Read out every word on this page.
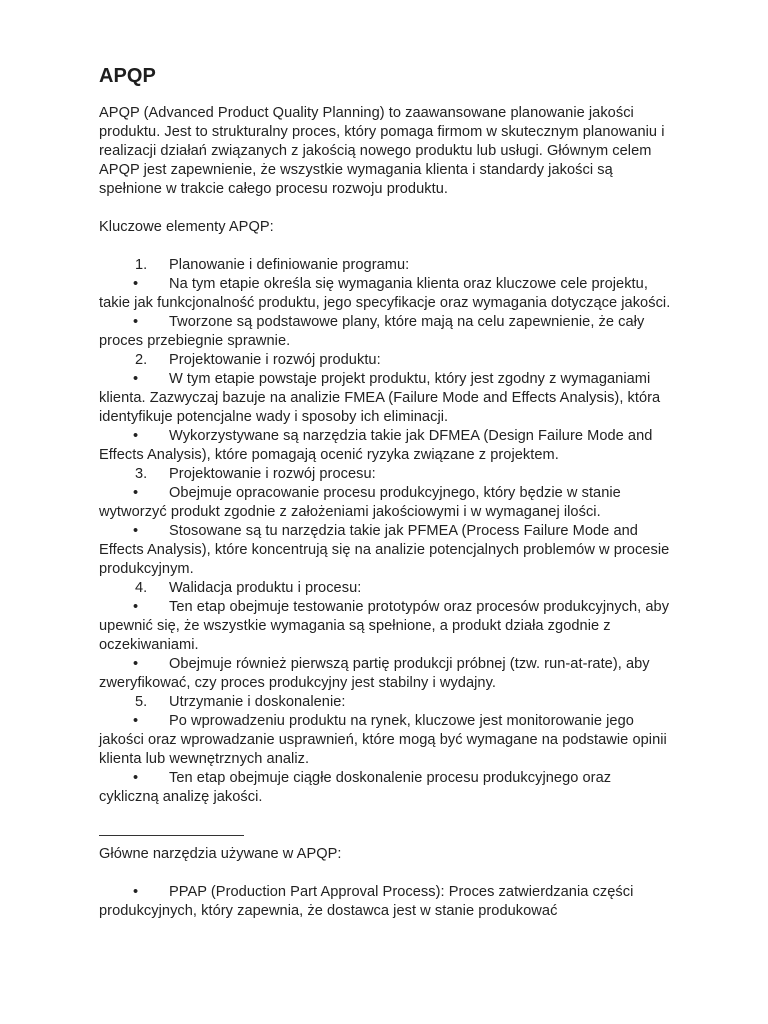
APQP

APQP (Advanced Product Quality Planning) to zaawansowane planowanie jakości produktu. Jest to strukturalny proces, który pomaga firmom w skutecznym planowaniu i realizacji działań związanych z jakością nowego produktu lub usługi. Głównym celem APQP jest zapewnienie, że wszystkie wymagania klienta i standardy jakości są spełnione w trakcie całego procesu rozwoju produktu.

Kluczowe elementy APQP:

1. Planowanie i definiowanie programu:

• Na tym etapie określa się wymagania klienta oraz kluczowe cele projektu, takie jak funkcjonalność produktu, jego specyfikacje oraz wymagania dotyczące jakości.

• Tworzone są podstawowe plany, które mają na celu zapewnienie, że cały proces przebiegnie sprawnie.

2. Projektowanie i rozwój produktu:

• W tym etapie powstaje projekt produktu, który jest zgodny z wymaganiami klienta. Zazwyczaj bazuje na analizie FMEA (Failure Mode and Effects Analysis), która identyfikuje potencjalne wady i sposoby ich eliminacji.

• Wykorzystywane są narzędzia takie jak DFMEA (Design Failure Mode and Effects Analysis), które pomagają ocenić ryzyka związane z projektem.

3. Projektowanie i rozwój procesu:

• Obejmuje opracowanie procesu produkcyjnego, który będzie w stanie wytworzyć produkt zgodnie z założeniami jakościowymi i w wymaganej ilości.

• Stosowane są tu narzędzia takie jak PFMEA (Process Failure Mode and Effects Analysis), które koncentrują się na analizie potencjalnych problemów w procesie produkcyjnym.

4. Walidacja produktu i procesu:

• Ten etap obejmuje testowanie prototypów oraz procesów produkcyjnych, aby upewnić się, że wszystkie wymagania są spełnione, a produkt działa zgodnie z oczekiwaniami.

• Obejmuje również pierwszą partię produkcji próbnej (tzw. run-at-rate), aby zweryfikować, czy proces produkcyjny jest stabilny i wydajny.

5. Utrzymanie i doskonalenie:

• Po wprowadzeniu produktu na rynek, kluczowe jest monitorowanie jego jakości oraz wprowadzanie usprawnień, które mogą być wymagane na podstawie opinii klienta lub wewnętrznych analiz.

• Ten etap obejmuje ciągłe doskonalenie procesu produkcyjnego oraz cykliczną analizę jakości.

Główne narzędzia używane w APQP:

• PPAP (Production Part Approval Process): Proces zatwierdzania części produkcyjnych, który zapewnia, że dostawca jest w stanie produkować
